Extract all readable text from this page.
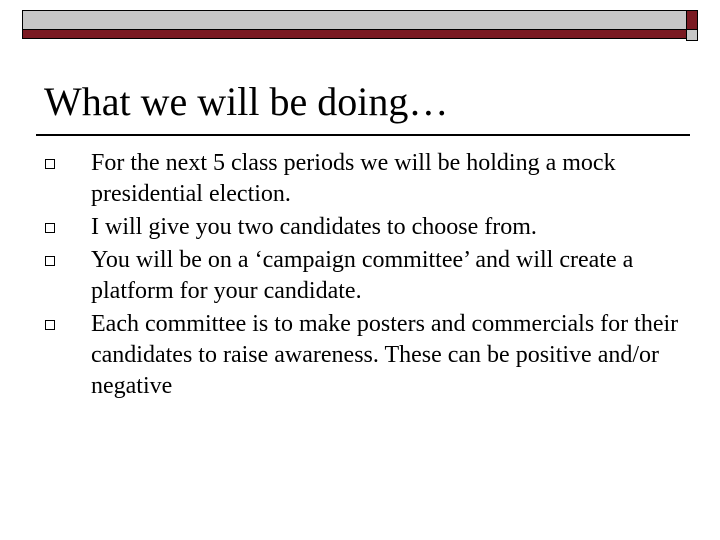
What we will be doing…
For the next 5 class periods we will be holding a mock presidential election.
I will give you two candidates to choose from.
You will be on a ‘campaign committee’ and will create a platform for your candidate.
Each committee is to make posters and commercials for their candidates to raise awareness. These can be positive and/or negative
